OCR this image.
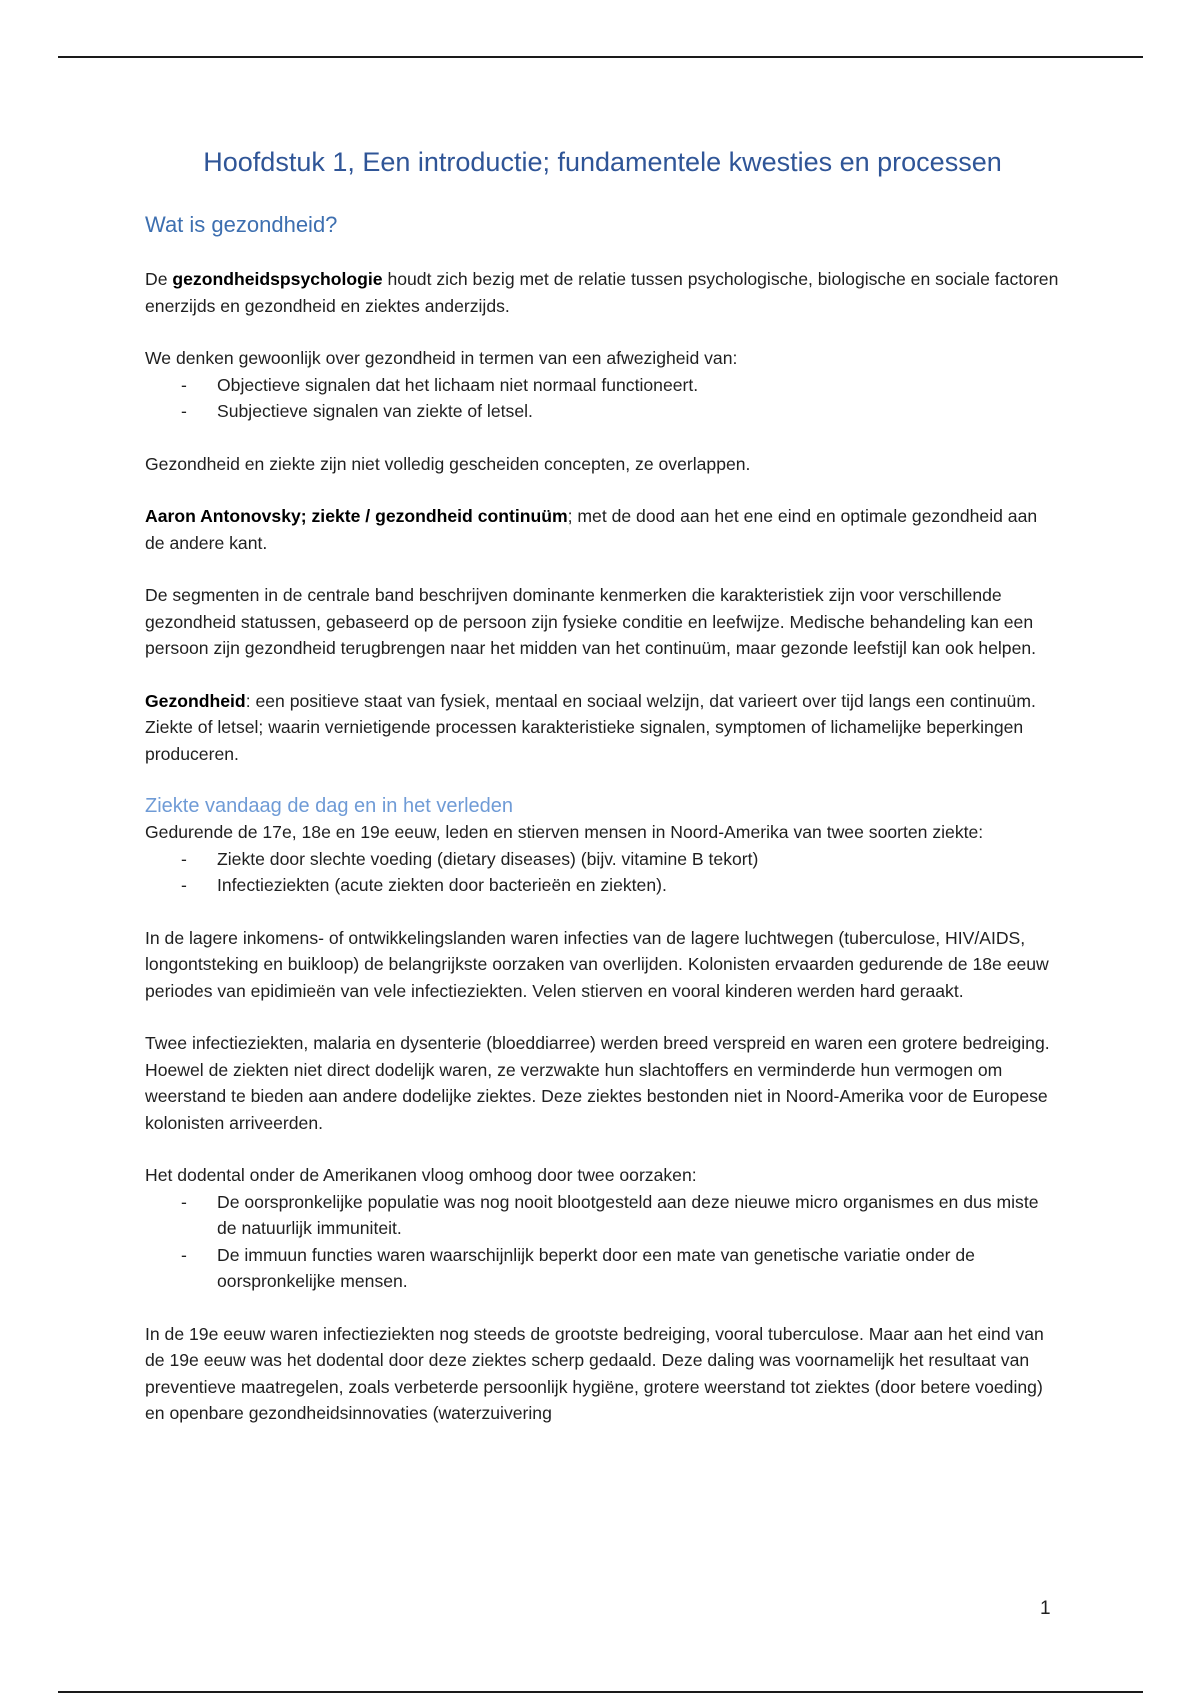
Hoofdstuk 1, Een introductie; fundamentele kwesties en processen
Wat is gezondheid?

De gezondheidspsychologie houdt zich bezig met de relatie tussen psychologische, biologische en sociale factoren enerzijds en gezondheid en ziektes anderzijds.

We denken gewoonlijk over gezondheid in termen van een afwezigheid van:

- Objectieve signalen dat het lichaam niet normaal functioneert.
- Subjectieve signalen van ziekte of letsel.

Gezondheid en ziekte zijn niet volledig gescheiden concepten, ze overlappen.

Aaron Antonovsky; ziekte / gezondheid continuüm; met de dood aan het ene eind en optimale gezondheid aan de andere kant.

De segmenten in de centrale band beschrijven dominante kenmerken die karakteristiek zijn voor verschillende gezondheid statussen, gebaseerd op de persoon zijn fysieke conditie en leefwijze. Medische behandeling kan een persoon zijn gezondheid terugbrengen naar het midden van het continuüm, maar gezonde leefstijl kan ook helpen.

Gezondheid: een positieve staat van fysiek, mentaal en sociaal welzijn, dat varieert over tijd langs een continuüm. Ziekte of letsel; waarin vernietigende processen karakteristieke signalen, symptomen of lichamelijke beperkingen produceren.

Ziekte vandaag de dag en in het verleden

Gedurende de 17e, 18e en 19e eeuw, leden en stierven mensen in Noord-Amerika van twee soorten ziekte:

- Ziekte door slechte voeding (dietary diseases) (bijv. vitamine B tekort)
- Infectieziekten (acute ziekten door bacterieën en ziekten).

In de lagere inkomens- of ontwikkelingslanden waren infecties van de lagere luchtwegen (tuberculose, HIV/AIDS, longontsteking en buikloop) de belangrijkste oorzaken van overlijden. Kolonisten ervaarden gedurende de 18e eeuw periodes van epidimieën van vele infectieziekten. Velen stierven en vooral kinderen werden hard geraakt.

Twee infectieziekten, malaria en dysenterie (bloeddiarree) werden breed verspreid en waren een grotere bedreiging. Hoewel de ziekten niet direct dodelijk waren, ze verzwakte hun slachtoffers en verminderde hun vermogen om weerstand te bieden aan andere dodelijke ziektes. Deze ziektes bestonden niet in Noord-Amerika voor de Europese kolonisten arriveerden.

Het dodental onder de Amerikanen vloog omhoog door twee oorzaken:

- De oorspronkelijke populatie was nog nooit blootgesteld aan deze nieuwe micro organismes en dus miste de natuurlijk immuniteit.
- De immuun functies waren waarschijnlijk beperkt door een mate van genetische variatie onder de oorspronkelijke mensen.

In de 19e eeuw waren infectieziekten nog steeds de grootste bedreiging, vooral tuberculose. Maar aan het eind van de 19e eeuw was het dodental door deze ziektes scherp gedaald. Deze daling was voornamelijk het resultaat van preventieve maatregelen, zoals verbeterde persoonlijk hygiëne, grotere weerstand tot ziektes (door betere voeding) en openbare gezondheidsinnovaties (waterzuivering

1
